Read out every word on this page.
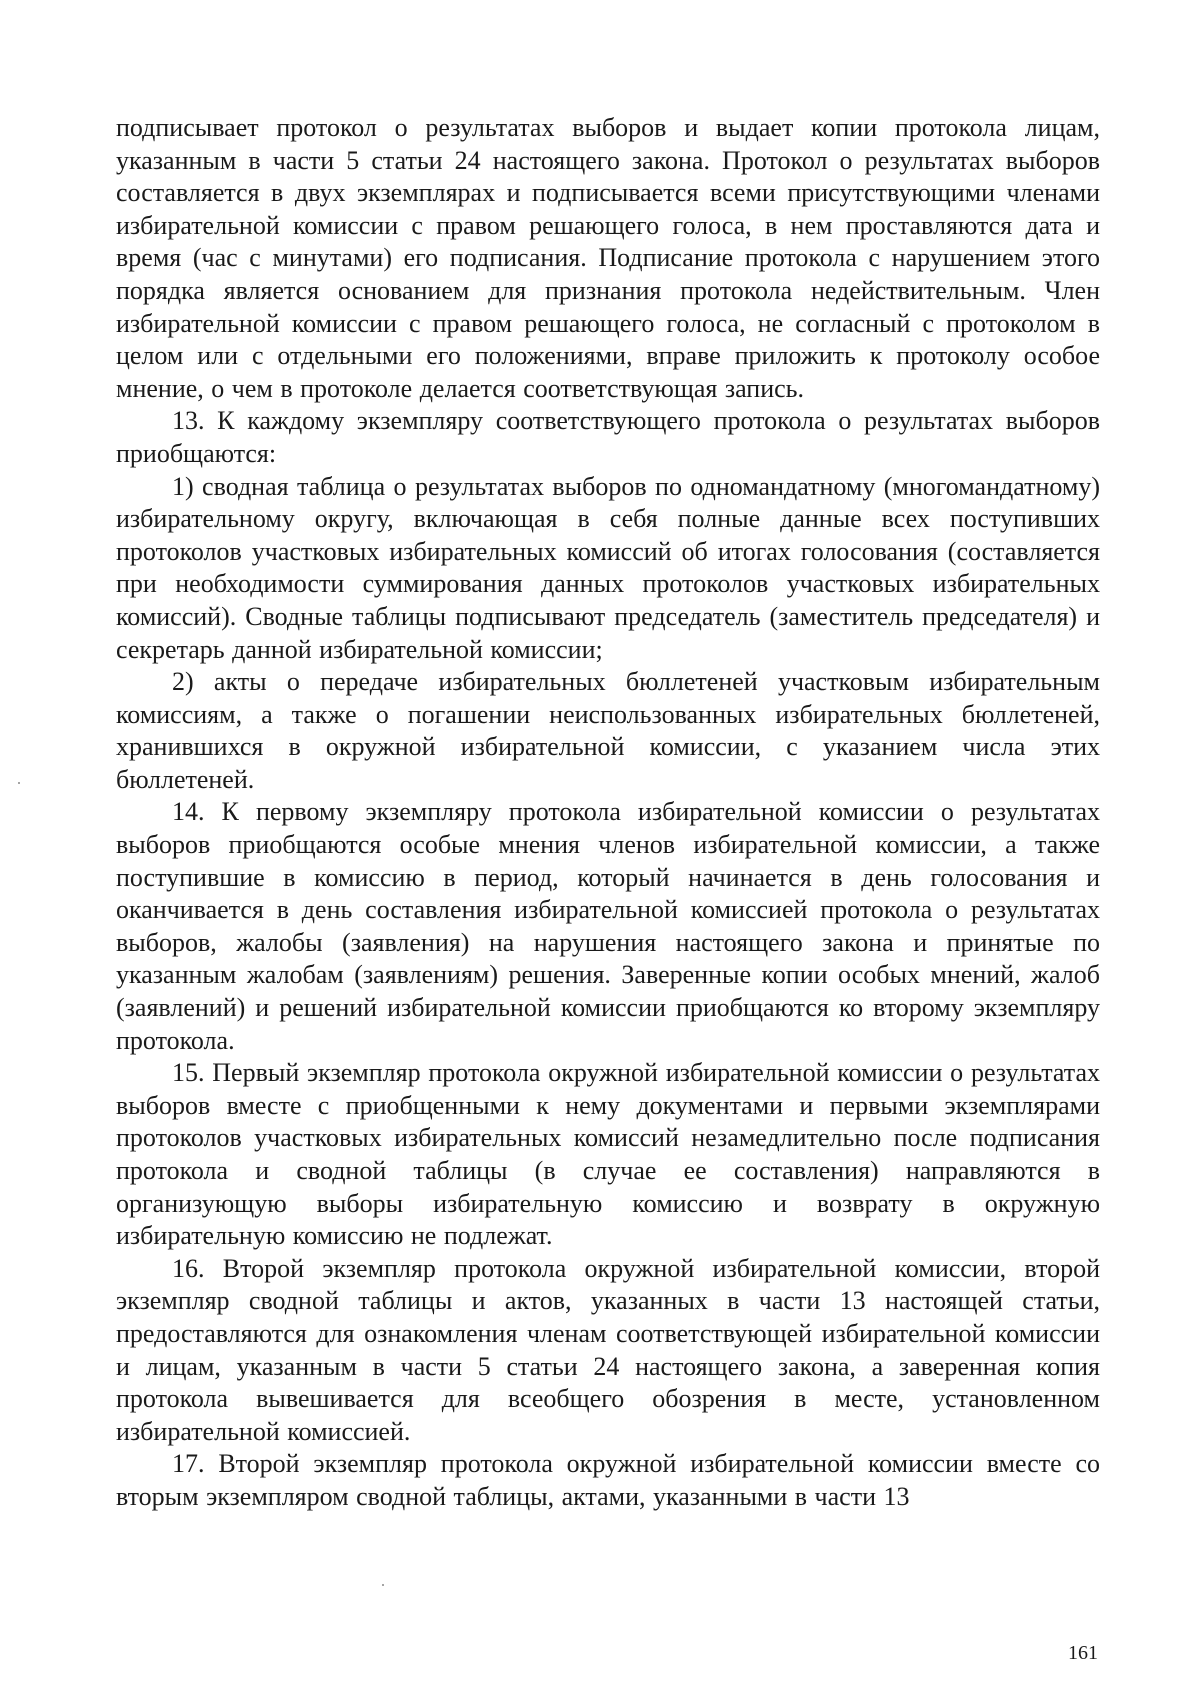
подписывает протокол о результатах выборов и выдает копии протокола лицам, указанным в части 5 статьи 24 настоящего закона. Протокол о результатах выборов составляется в двух экземплярах и подписывается всеми присутствующими членами избирательной комиссии с правом решающего голоса, в нем проставляются дата и время (час с минутами) его подписания. Подписание протокола с нарушением этого порядка является основанием для признания протокола недействительным. Член избирательной комиссии с правом решающего голоса, не согласный с протоколом в целом или с отдельными его положениями, вправе приложить к протоколу особое мнение, о чем в протоколе делается соответствующая запись.

13. К каждому экземпляру соответствующего протокола о результатах выборов приобщаются:

1) сводная таблица о результатах выборов по одномандатному (многомандатному) избирательному округу, включающая в себя полные данные всех поступивших протоколов участковых избирательных комиссий об итогах голосования (составляется при необходимости суммирования данных протоколов участковых избирательных комиссий). Сводные таблицы подписывают председатель (заместитель председателя) и секретарь данной избирательной комиссии;

2) акты о передаче избирательных бюллетеней участковым избирательным комиссиям, а также о погашении неиспользованных избирательных бюллетеней, хранившихся в окружной избирательной комиссии, с указанием числа этих бюллетеней.

14. К первому экземпляру протокола избирательной комиссии о результатах выборов приобщаются особые мнения членов избирательной комиссии, а также поступившие в комиссию в период, который начинается в день голосования и оканчивается в день составления избирательной комиссией протокола о результатах выборов, жалобы (заявления) на нарушения настоящего закона и принятые по указанным жалобам (заявлениям) решения. Заверенные копии особых мнений, жалоб (заявлений) и решений избирательной комиссии приобщаются ко второму экземпляру протокола.

15. Первый экземпляр протокола окружной избирательной комиссии о результатах выборов вместе с приобщенными к нему документами и первыми экземплярами протоколов участковых избирательных комиссий незамедлительно после подписания протокола и сводной таблицы (в случае ее составления) направляются в организующую выборы избирательную комиссию и возврату в окружную избирательную комиссию не подлежат.

16. Второй экземпляр протокола окружной избирательной комиссии, второй экземпляр сводной таблицы и актов, указанных в части 13 настоящей статьи, предоставляются для ознакомления членам соответствующей избирательной комиссии и лицам, указанным в части 5 статьи 24 настоящего закона, а заверенная копия протокола вывешивается для всеобщего обозрения в месте, установленном избирательной комиссией.

17. Второй экземпляр протокола окружной избирательной комиссии вместе со вторым экземпляром сводной таблицы, актами, указанными в части 13

161
